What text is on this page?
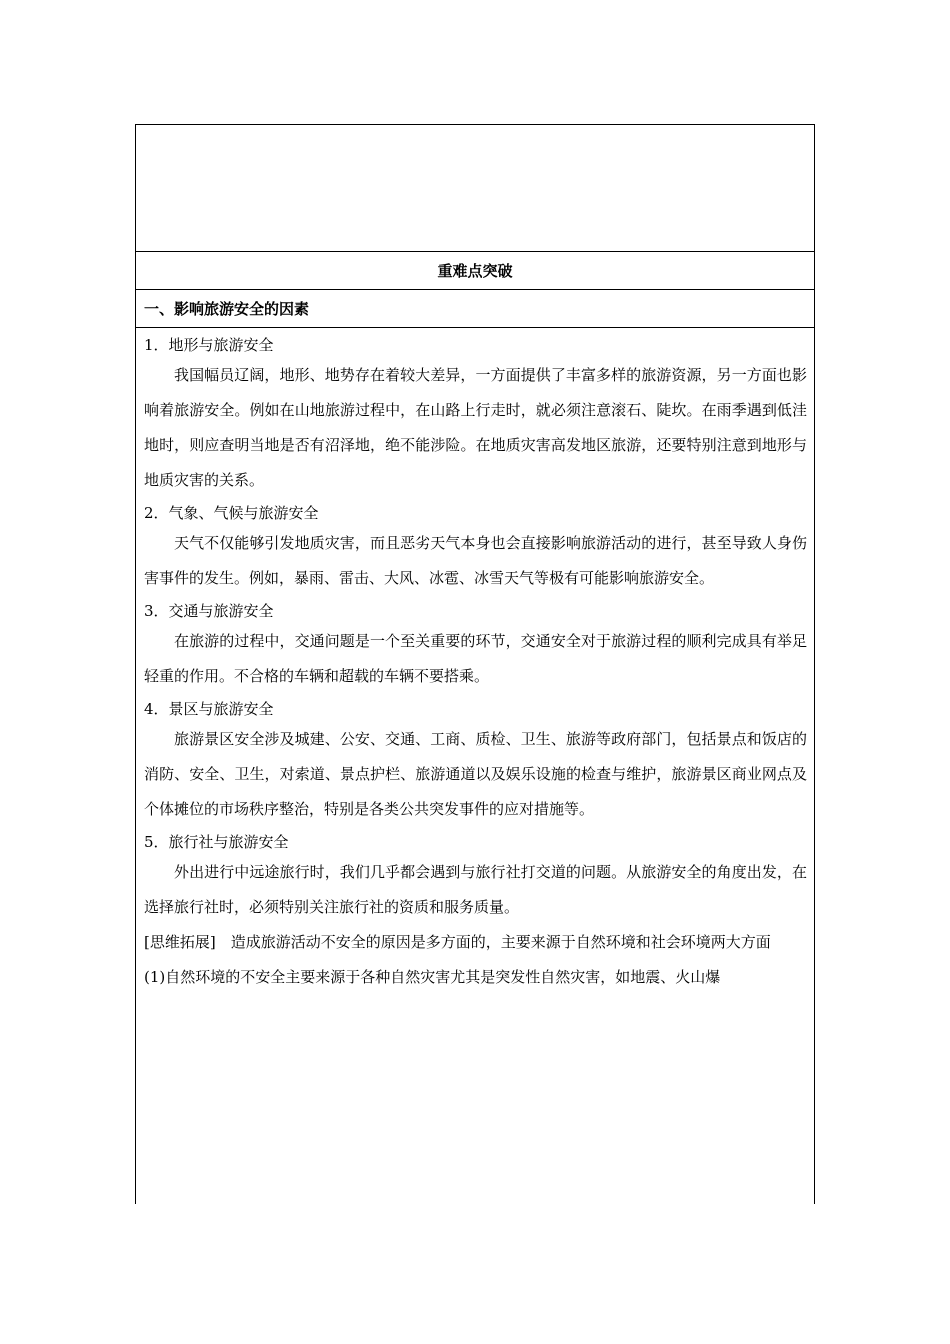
重难点突破
一、影响旅游安全的因素

1．地形与旅游安全

我国幅员辽阔，地形、地势存在着较大差异，一方面提供了丰富多样的旅游资源，另一方面也影响着旅游安全。例如在山地旅游过程中，在山路上行走时，就必须注意滚石、陡坎。在雨季遇到低洼地时，则应查明当地是否有沼泽地，绝不能涉险。在地质灾害高发地区旅游，还要特别注意到地形与地质灾害的关系。

2．气象、气候与旅游安全

天气不仅能够引发地质灾害，而且恶劣天气本身也会直接影响旅游活动的进行，甚至导致人身伤害事件的发生。例如，暴雨、雷击、大风、冰雹、冰雪天气等极有可能影响旅游安全。

3．交通与旅游安全

在旅游的过程中，交通问题是一个至关重要的环节，交通安全对于旅游过程的顺利完成具有举足轻重的作用。不合格的车辆和超载的车辆不要搭乘。

4．景区与旅游安全

旅游景区安全涉及城建、公安、交通、工商、质检、卫生、旅游等政府部门，包括景点和饭店的消防、安全、卫生，对索道、景点护栏、旅游通道以及娱乐设施的检查与维护，旅游景区商业网点及个体摊位的市场秩序整治，特别是各类公共突发事件的应对措施等。

5．旅行社与旅游安全

外出进行中远途旅行时，我们几乎都会遇到与旅行社打交道的问题。从旅游安全的角度出发，在选择旅行社时，必须特别关注旅行社的资质和服务质量。

[思维拓展]　造成旅游活动不安全的原因是多方面的，主要来源于自然环境和社会环境两大方面

(1)自然环境的不安全主要来源于各种自然灾害尤其是突发性自然灾害，如地震、火山爆
